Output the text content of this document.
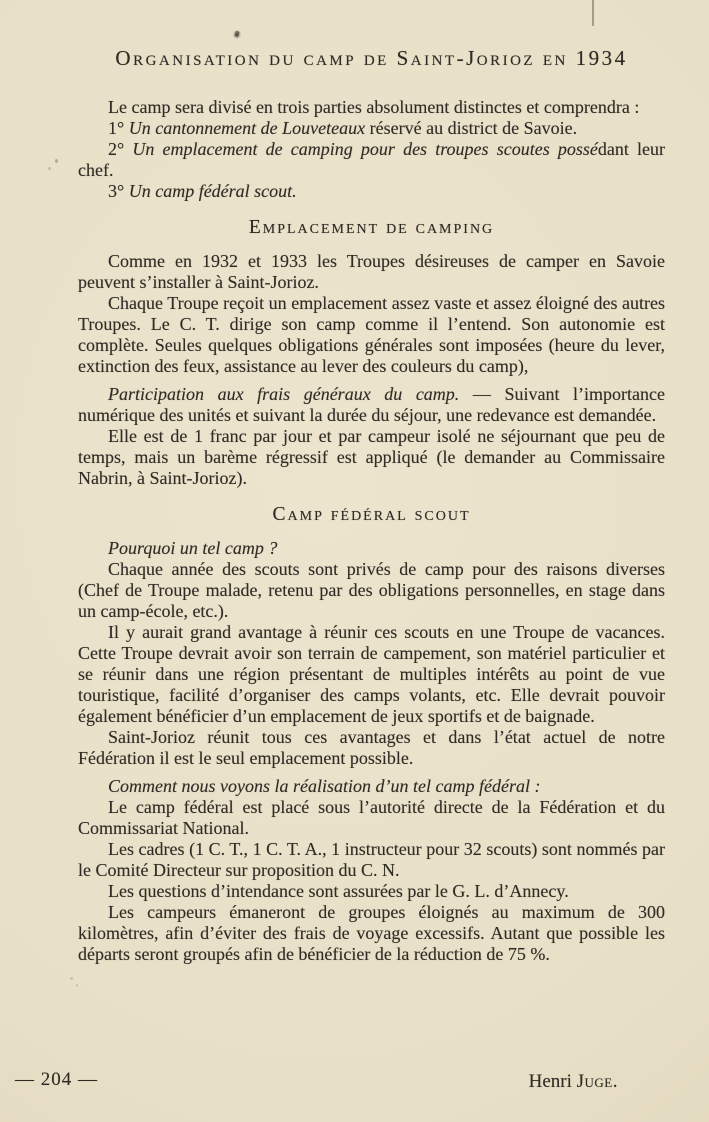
Organisation du camp de Saint-Jorioz en 1934

Le camp sera divisé en trois parties absolument distinctes et comprendra :

1° Un cantonnement de Louveteaux réservé au district de Savoie.

2° Un emplacement de camping pour des troupes scoutes possédant leur chef.

3° Un camp fédéral scout.

Emplacement de camping

Comme en 1932 et 1933 les Troupes désireuses de camper en Savoie peuvent s’installer à Saint-Jorioz.

Chaque Troupe reçoit un emplacement assez vaste et assez éloigné des autres Troupes. Le C. T. dirige son camp comme il l’entend. Son autonomie est complète. Seules quelques obligations générales sont imposées (heure du lever, extinction des feux, assistance au lever des couleurs du camp),

Participation aux frais généraux du camp. — Suivant l’importance numérique des unités et suivant la durée du séjour, une redevance est demandée.

Elle est de 1 franc par jour et par campeur isolé ne séjournant que peu de temps, mais un barème régressif est appliqué (le demander au Commissaire Nabrin, à Saint-Jorioz).

Camp fédéral scout

Pourquoi un tel camp ?

Chaque année des scouts sont privés de camp pour des raisons diverses (Chef de Troupe malade, retenu par des obligations personnelles, en stage dans un camp-école, etc.).

Il y aurait grand avantage à réunir ces scouts en une Troupe de vacances. Cette Troupe devrait avoir son terrain de campement, son matériel particulier et se réunir dans une région présentant de multiples intérêts au point de vue touristique, facilité d’organiser des camps volants, etc. Elle devrait pouvoir également bénéficier d’un emplacement de jeux sportifs et de baignade.

Saint-Jorioz réunit tous ces avantages et dans l’état actuel de notre Fédération il est le seul emplacement possible.

Comment nous voyons la réalisation d’un tel camp fédéral :

Le camp fédéral est placé sous l’autorité directe de la Fédération et du Commissariat National.

Les cadres (1 C. T., 1 C. T. A., 1 instructeur pour 32 scouts) sont nommés par le Comité Directeur sur proposition du C. N.

Les questions d’intendance sont assurées par le G. L. d’Annecy.

Les campeurs émaneront de groupes éloignés au maximum de 300 kilomètres, afin d’éviter des frais de voyage excessifs. Autant que possible les départs seront groupés afin de bénéficier de la réduction de 75 %.

— 204 —	Henri Juge.
